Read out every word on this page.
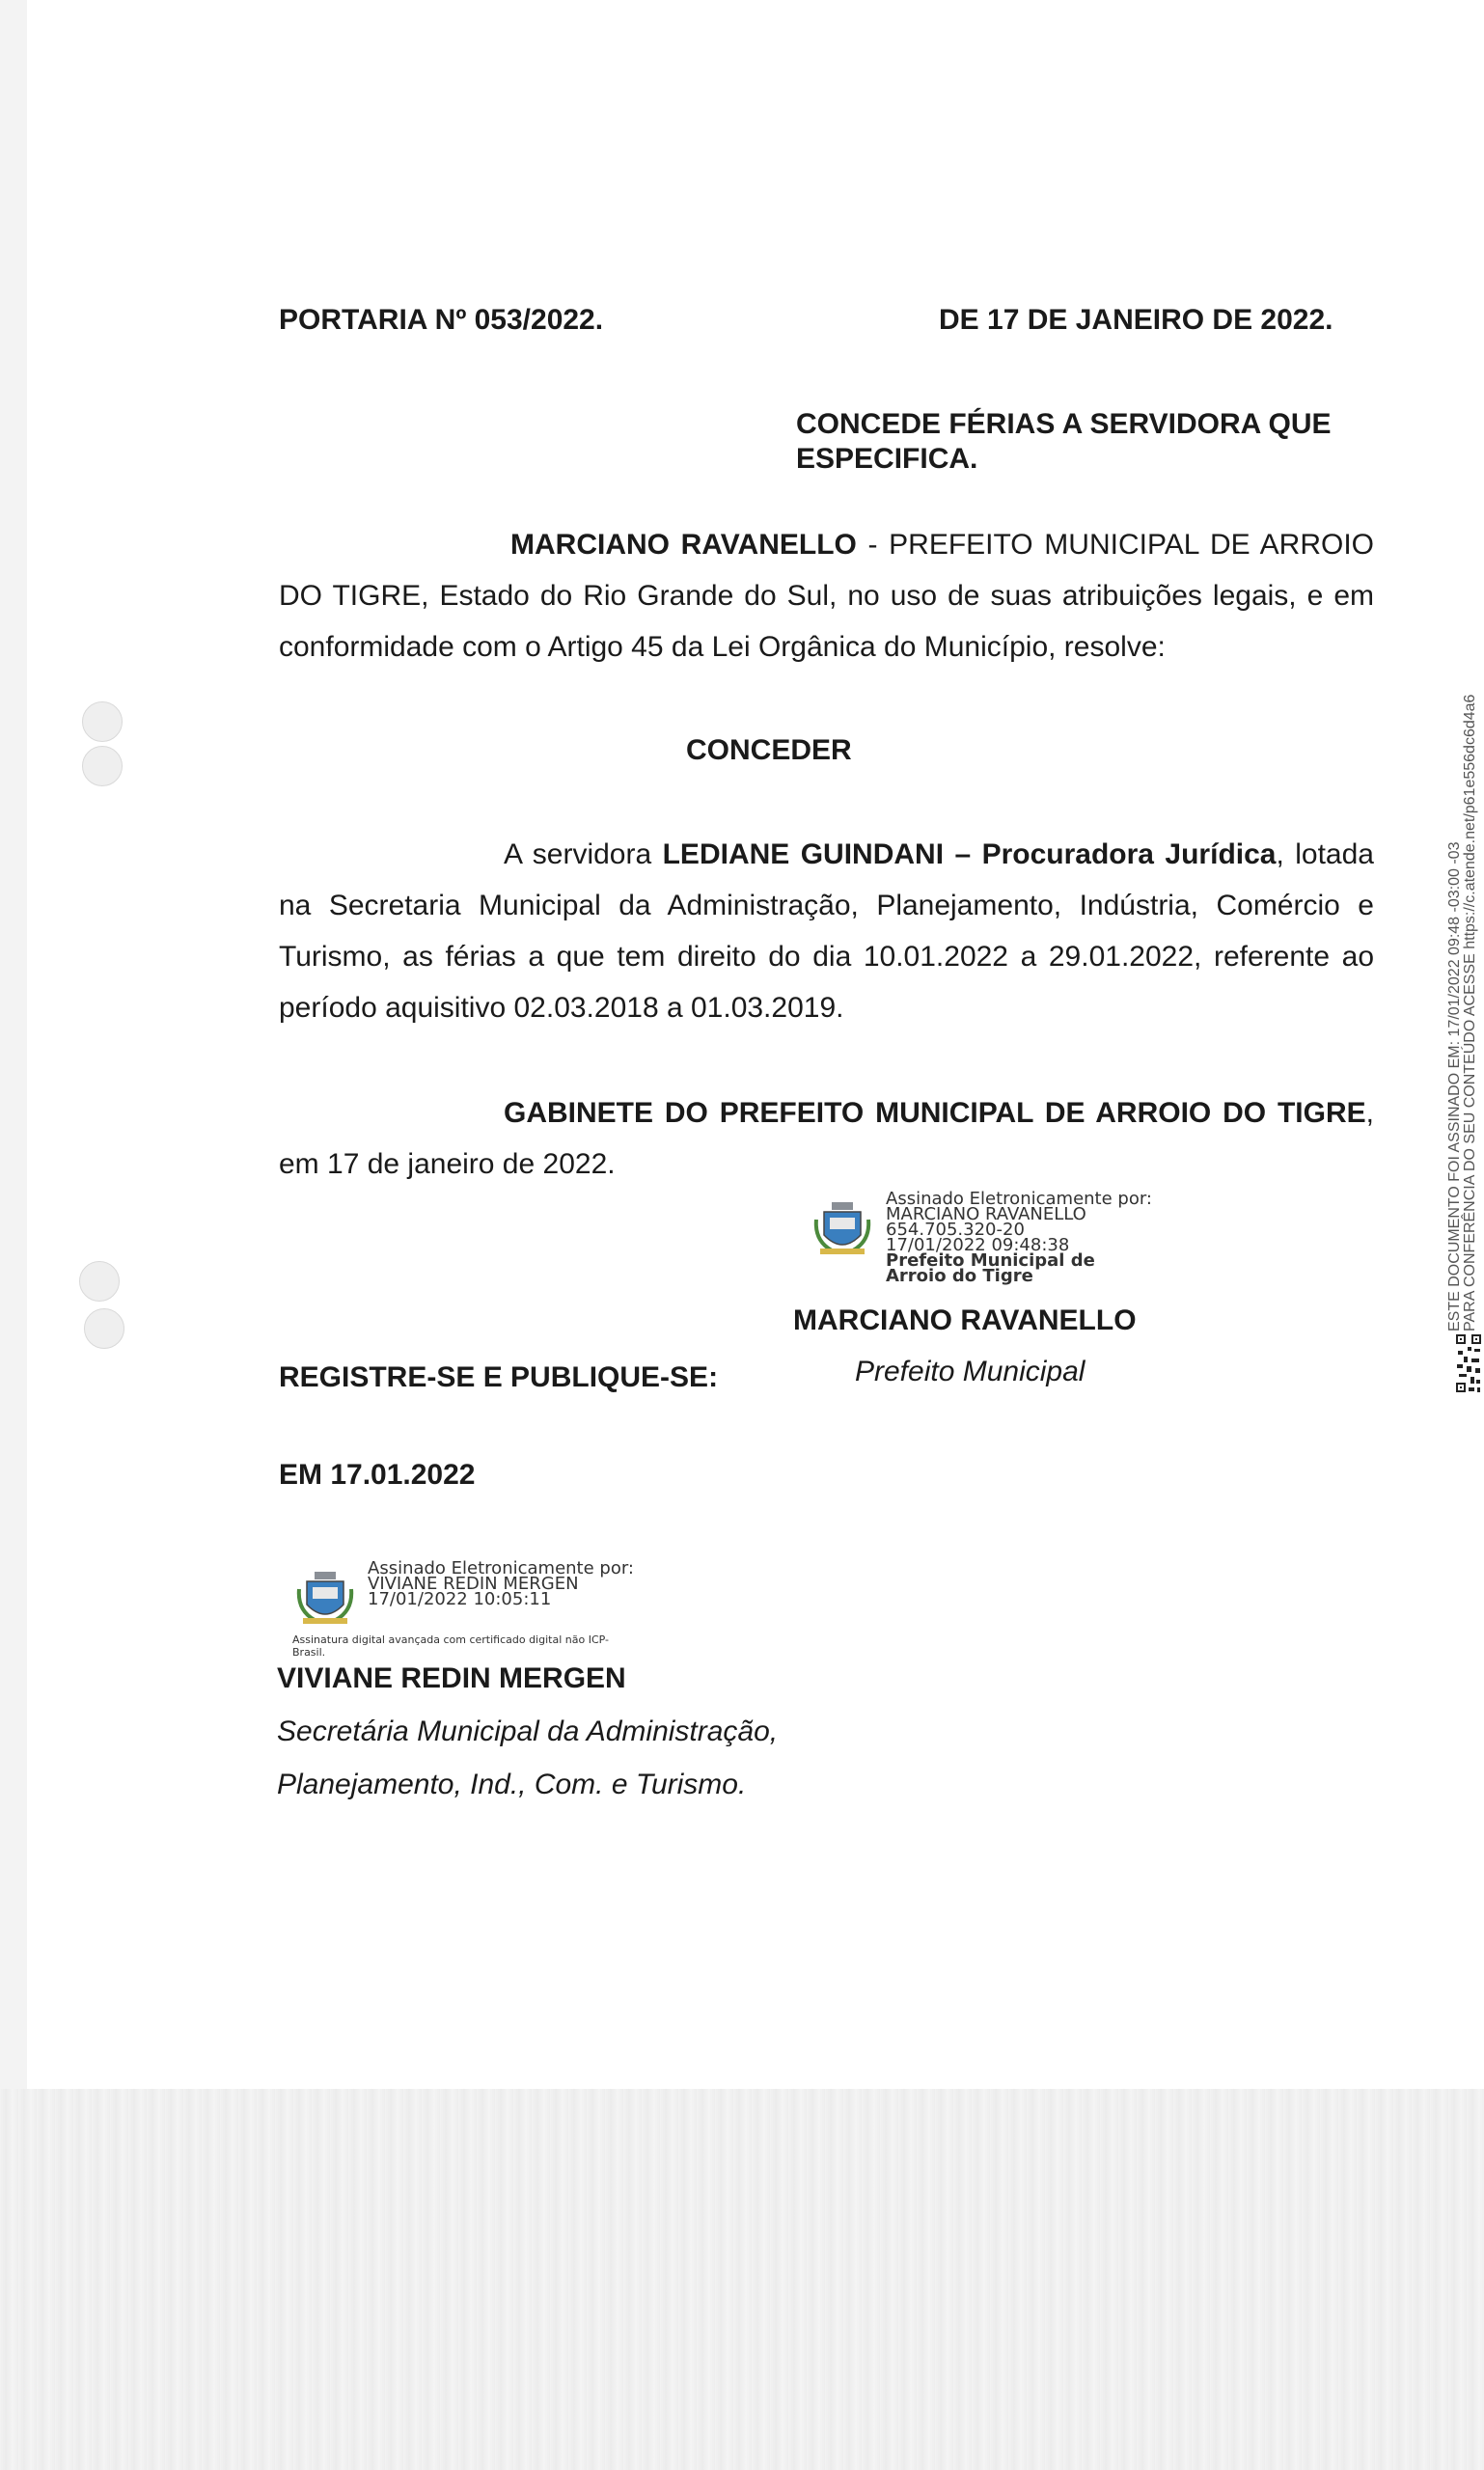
PORTARIA Nº 053/2022.	DE 17 DE JANEIRO DE 2022.
CONCEDE FÉRIAS A SERVIDORA QUE
ESPECIFICA.
MARCIANO RAVANELLO - PREFEITO MUNICIPAL DE ARROIO DO TIGRE, Estado do Rio Grande do Sul, no uso de suas atribuições legais, e em conformidade com o Artigo 45 da Lei Orgânica do Município, resolve:
CONCEDER
A servidora LEDIANE GUINDANI – Procuradora Jurídica, lotada na Secretaria Municipal da Administração, Planejamento, Indústria, Comércio e Turismo, as férias a que tem direito do dia 10.01.2022 a 29.01.2022, referente ao período aquisitivo 02.03.2018 a 01.03.2019.
GABINETE DO PREFEITO MUNICIPAL DE ARROIO DO TIGRE, em 17 de janeiro de 2022.
Assinado Eletronicamente por:
MARCIANO RAVANELLO
654.705.320-20
17/01/2022 09:48:38
Prefeito Municipal de
Arroio do Tigre
MARCIANO RAVANELLO
Prefeito Municipal
REGISTRE-SE E PUBLIQUE-SE:
EM 17.01.2022
Assinado Eletronicamente por:
VIVIANE REDIN MERGEN
17/01/2022 10:05:11
Assinatura digital avançada com certificado digital não ICP-
Brasil.
VIVIANE REDIN MERGEN
Secretária Municipal da Administração,
Planejamento, Ind., Com. e Turismo.
ESTE DOCUMENTO FOI ASSINADO EM: 17/01/2022 09:48 -03:00 -03 PARA CONFERÊNCIA DO SEU CONTEÚDO ACESSE https://c.atende.net/p61e556dc6d4a6
